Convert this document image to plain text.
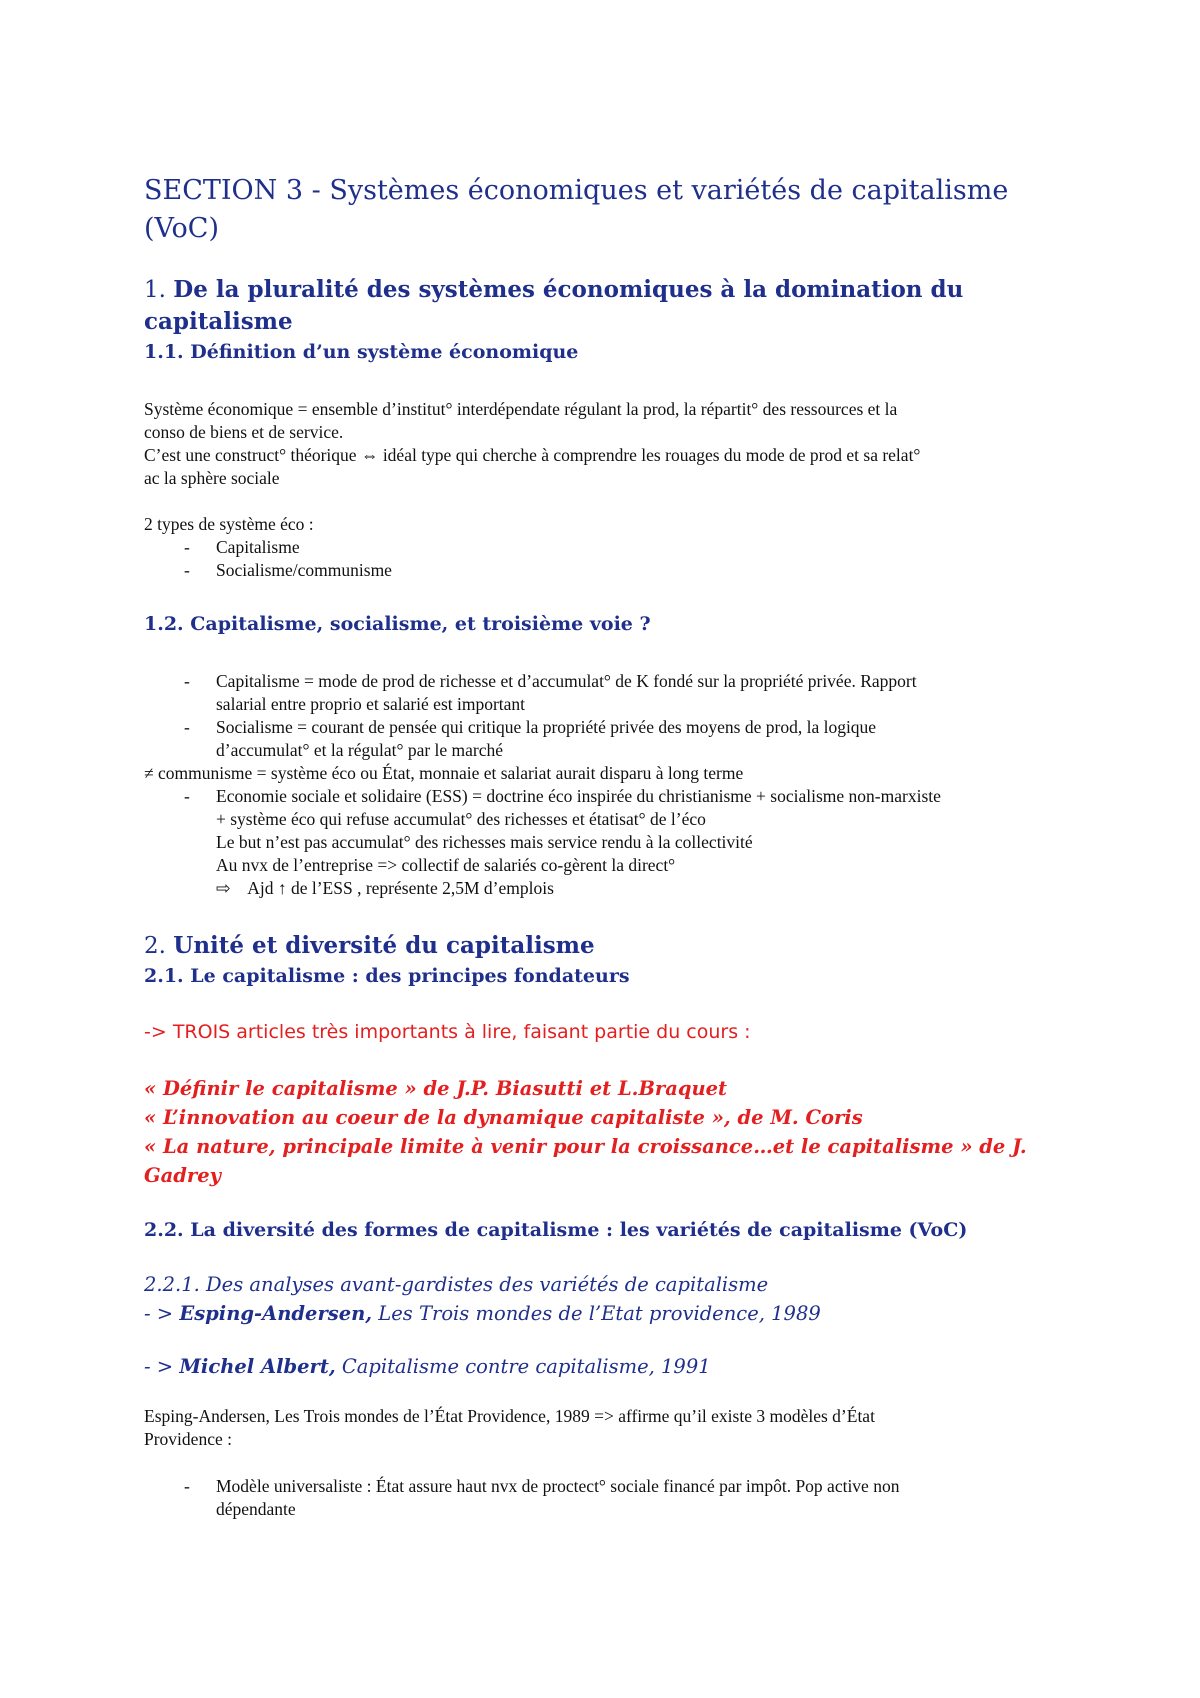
SECTION 3 - Systèmes économiques et variétés de capitalisme
(VoC)
1. De la pluralité des systèmes économiques à la domination du capitalisme
1.1. Définition d’un système économique

Système économique = ensemble d’institut° interdépendate régulant la prod, la répartit° des ressources et la
conso de biens et de service.
C’est une construct° théorique ⇔ idéal type qui cherche à comprendre les rouages du mode de prod et sa relat°
ac la sphère sociale

2 types de système éco :

- Capitalisme
- Socialisme/communisme
1.2. Capitalisme, socialisme, et troisième voie ?
- Capitalisme = mode de prod de richesse et d’accumulat° de K fondé sur la propriété privée. Rapport
salarial entre proprio et salarié est important
- Socialisme = courant de pensée qui critique la propriété privée des moyens de prod, la logique
d’accumulat° et la régulat° par le marché

≠ communisme = système éco ou État, monnaie et salariat aurait disparu à long terme

- Economie sociale et solidaire (ESS) = doctrine éco inspirée du christianisme + socialisme non-marxiste
+ système éco qui refuse accumulat° des richesses et étatisat° de l’éco
Le but n’est pas accumulat° des richesses mais service rendu à la collectivité
Au nvx de l’entreprise => collectif de salariés co-gèrent la direct°
⇨ Ajd ↑ de l’ESS , représente 2,5M d’emplois
2. Unité et diversité du capitalisme
2.1. Le capitalisme : des principes fondateurs

-> TROIS articles très importants à lire, faisant partie du cours :

« Définir le capitalisme » de J.P. Biasutti et L.Braquet

« L’innovation au coeur de la dynamique capitaliste », de M. Coris

« La nature, principale limite à venir pour la croissance…et le capitalisme » de J.
Gadrey

2.2. La diversité des formes de capitalisme : les variétés de capitalisme (VoC)

2.2.1. Des analyses avant-gardistes des variétés de capitalisme

- > Esping-Andersen, Les Trois mondes de l’Etat providence, 1989

- > Michel Albert, Capitalisme contre capitalisme, 1991

Esping-Andersen, Les Trois mondes de l’État Providence, 1989 => affirme qu’il existe 3 modèles d’État
Providence :

- Modèle universaliste : État assure haut nvx de proctect° sociale financé par impôt. Pop active non
dépendante
